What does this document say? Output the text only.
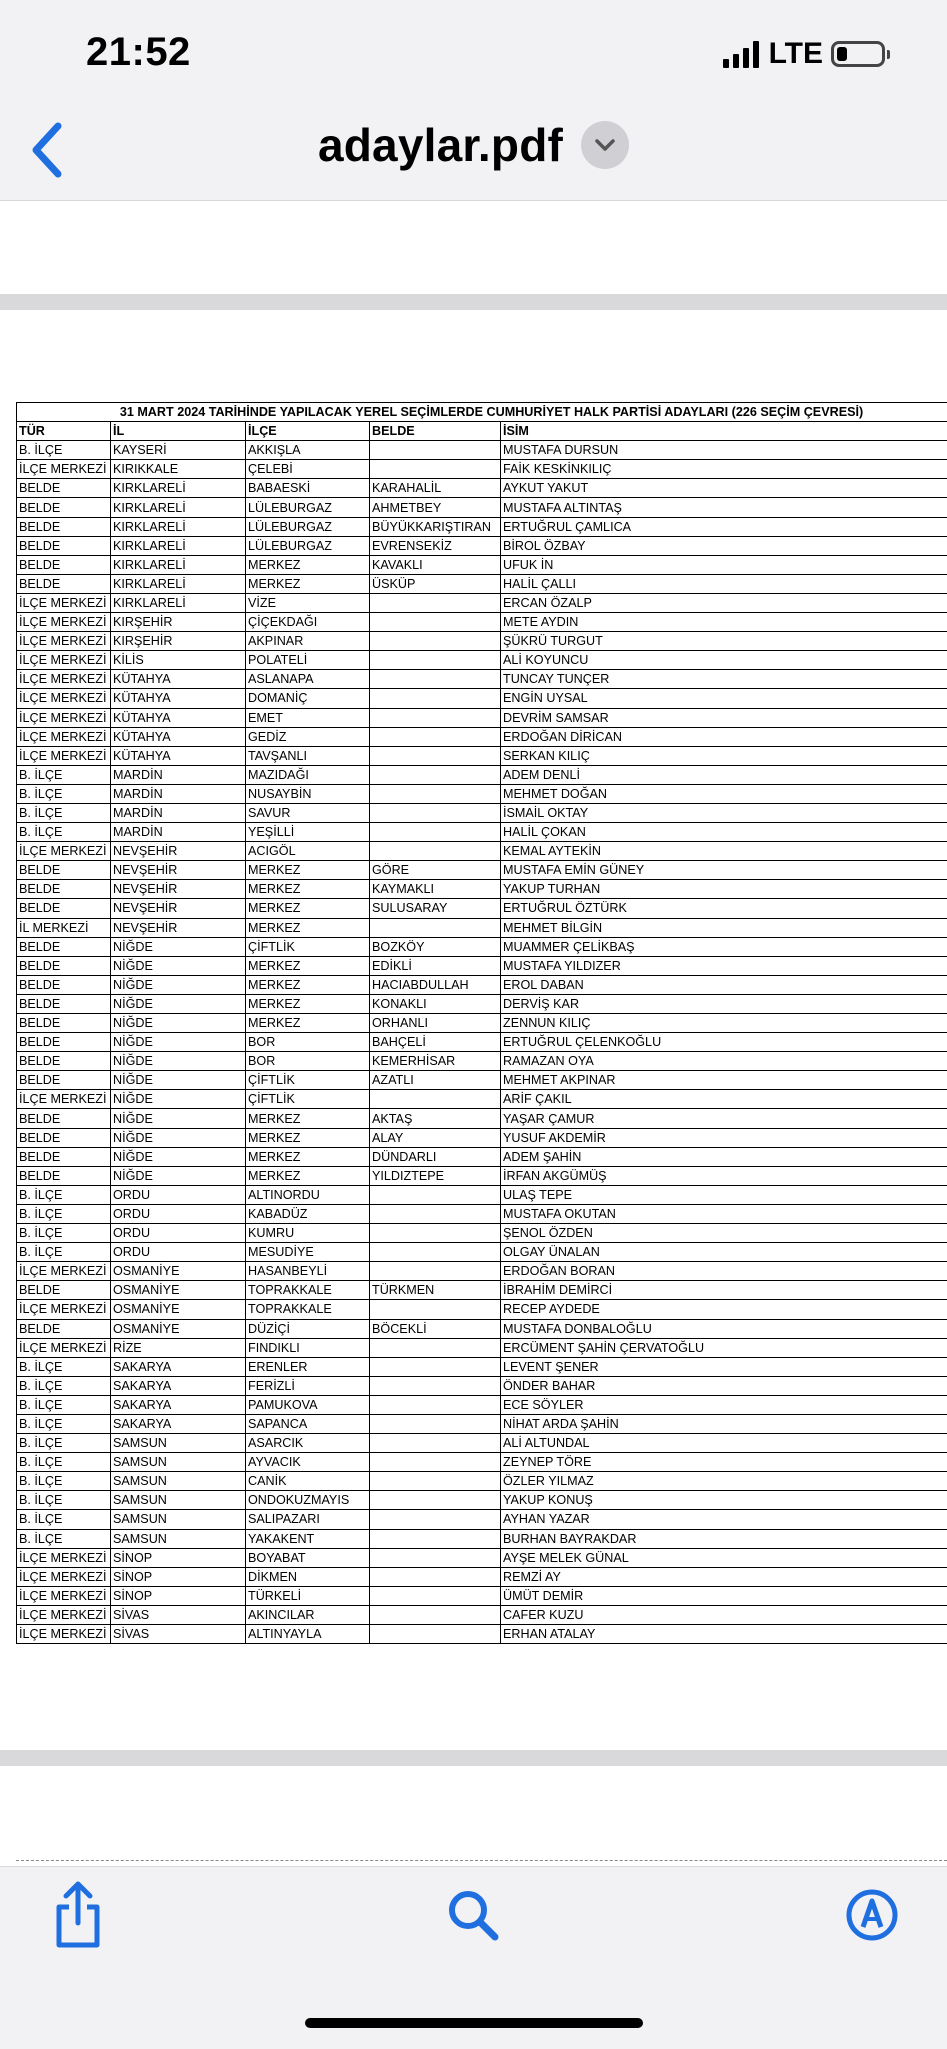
21:52	LTE
adaylar.pdf
31 MART 2024 TARİHİNDE YAPILACAK YEREL SEÇİMLERDE CUMHURİYET HALK PARTİSİ ADAYLARI (226 SEÇİM ÇEVRESİ)				
TÜR	İL	İLÇE	BELDE	İSİM
B. İLÇE	KAYSERİ	AKKIŞLA		MUSTAFA DURSUN
İLÇE MERKEZİ	KIRIKKALE	ÇELEBİ		FAİK KESKİNKILIÇ
BELDE	KIRKLARELİ	BABAESKİ	KARAHALİL	AYKUT YAKUT
BELDE	KIRKLARELİ	LÜLEBURGAZ	AHMETBEY	MUSTAFA ALTINTAŞ
BELDE	KIRKLARELİ	LÜLEBURGAZ	BÜYÜKKARIŞTIRAN	ERTUĞRUL ÇAMLICA
BELDE	KIRKLARELİ	LÜLEBURGAZ	EVRENSEKİZ	BİROL ÖZBAY
BELDE	KIRKLARELİ	MERKEZ	KAVAKLI	UFUK İN
BELDE	KIRKLARELİ	MERKEZ	ÜSKÜP	HALİL ÇALLI
İLÇE MERKEZİ	KIRKLARELİ	VİZE		ERCAN ÖZALP
İLÇE MERKEZİ	KIRŞEHİR	ÇİÇEKDAĞI		METE AYDIN
İLÇE MERKEZİ	KIRŞEHİR	AKPINAR		ŞÜKRÜ TURGUT
İLÇE MERKEZİ	KİLİS	POLATELİ		ALİ KOYUNCU
İLÇE MERKEZİ	KÜTAHYA	ASLANAPA		TUNCAY TUNÇER
İLÇE MERKEZİ	KÜTAHYA	DOMANİÇ		ENGİN UYSAL
İLÇE MERKEZİ	KÜTAHYA	EMET		DEVRİM SAMSAR
İLÇE MERKEZİ	KÜTAHYA	GEDİZ		ERDOĞAN DİRİCAN
İLÇE MERKEZİ	KÜTAHYA	TAVŞANLI		SERKAN KILIÇ
B. İLÇE	MARDİN	MAZIDAĞI		ADEM DENLİ
B. İLÇE	MARDİN	NUSAYBİN		MEHMET DOĞAN
B. İLÇE	MARDİN	SAVUR		İSMAİL OKTAY
B. İLÇE	MARDİN	YEŞİLLİ		HALİL ÇOKAN
İLÇE MERKEZİ	NEVŞEHİR	ACIGÖL		KEMAL AYTEKİN
BELDE	NEVŞEHİR	MERKEZ	GÖRE	MUSTAFA EMİN GÜNEY
BELDE	NEVŞEHİR	MERKEZ	KAYMAKLI	YAKUP TURHAN
BELDE	NEVŞEHİR	MERKEZ	SULUSARAY	ERTUĞRUL ÖZTÜRK
İL MERKEZİ	NEVŞEHİR	MERKEZ		MEHMET BİLGİN
BELDE	NİĞDE	ÇİFTLİK	BOZKÖY	MUAMMER ÇELİKBAŞ
BELDE	NİĞDE	MERKEZ	EDİKLİ	MUSTAFA YILDIZER
BELDE	NİĞDE	MERKEZ	HACIABDULLAH	EROL DABAN
BELDE	NİĞDE	MERKEZ	KONAKLI	DERVİŞ KAR
BELDE	NİĞDE	MERKEZ	ORHANLI	ZENNUN KILIÇ
BELDE	NİĞDE	BOR	BAHÇELİ	ERTUĞRUL ÇELENKOĞLU
BELDE	NİĞDE	BOR	KEMERHİSAR	RAMAZAN OYA
BELDE	NİĞDE	ÇİFTLİK	AZATLI	MEHMET AKPINAR
İLÇE MERKEZİ	NİĞDE	ÇİFTLİK		ARİF ÇAKIL
BELDE	NİĞDE	MERKEZ	AKTAŞ	YAŞAR ÇAMUR
BELDE	NİĞDE	MERKEZ	ALAY	YUSUF AKDEMİR
BELDE	NİĞDE	MERKEZ	DÜNDARLI	ADEM ŞAHİN
BELDE	NİĞDE	MERKEZ	YILDIZTEPE	İRFAN AKGÜMÜŞ
B. İLÇE	ORDU	ALTINORDU		ULAŞ TEPE
B. İLÇE	ORDU	KABADÜZ		MUSTAFA OKUTAN
B. İLÇE	ORDU	KUMRU		ŞENOL ÖZDEN
B. İLÇE	ORDU	MESUDİYE		OLGAY ÜNALAN
İLÇE MERKEZİ	OSMANİYE	HASANBEYLİ		ERDOĞAN BORAN
BELDE	OSMANİYE	TOPRAKKALE	TÜRKMEN	İBRAHİM DEMİRCİ
İLÇE MERKEZİ	OSMANİYE	TOPRAKKALE		RECEP AYDEDE
BELDE	OSMANİYE	DÜZİÇİ	BÖCEKLİ	MUSTAFA DONBALOĞLU
İLÇE MERKEZİ	RİZE	FINDIKLI		ERCÜMENT ŞAHİN ÇERVATOĞLU
B. İLÇE	SAKARYA	ERENLER		LEVENT ŞENER
B. İLÇE	SAKARYA	FERİZLİ		ÖNDER BAHAR
B. İLÇE	SAKARYA	PAMUKOVA		ECE SÖYLER
B. İLÇE	SAKARYA	SAPANCA		NİHAT ARDA ŞAHİN
B. İLÇE	SAMSUN	ASARCIK		ALİ ALTUNDAL
B. İLÇE	SAMSUN	AYVACIK		ZEYNEP TÖRE
B. İLÇE	SAMSUN	CANİK		ÖZLER YILMAZ
B. İLÇE	SAMSUN	ONDOKUZMAYIS		YAKUP KONUŞ
B. İLÇE	SAMSUN	SALIPAZARI		AYHAN YAZAR
B. İLÇE	SAMSUN	YAKAKENT		BURHAN BAYRAKDAR
İLÇE MERKEZİ	SİNOP	BOYABAT		AYŞE MELEK GÜNAL
İLÇE MERKEZİ	SİNOP	DİKMEN		REMZİ AY
İLÇE MERKEZİ	SİNOP	TÜRKELİ		ÜMÜT DEMİR
İLÇE MERKEZİ	SİVAS	AKINCILAR		CAFER KUZU
İLÇE MERKEZİ	SİVAS	ALTINYAYLA		ERHAN ATALAY
